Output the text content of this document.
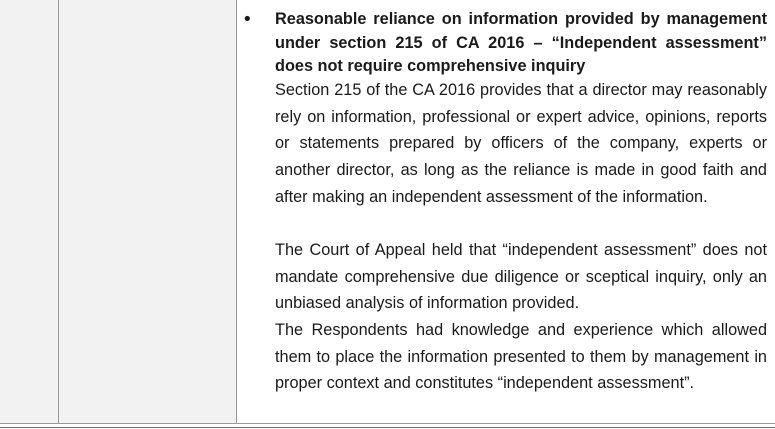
• Reasonable reliance on information provided by management under section 215 of CA 2016 – “Independent assessment” does not require comprehensive inquiry
Section 215 of the CA 2016 provides that a director may reasonably rely on information, professional or expert advice, opinions, reports or statements prepared by officers of the company, experts or another director, as long as the reliance is made in good faith and after making an independent assessment of the information.
The Court of Appeal held that “independent assessment” does not mandate comprehensive due diligence or sceptical inquiry, only an unbiased analysis of information provided.
The Respondents had knowledge and experience which allowed them to place the information presented to them by management in proper context and constitutes “independent assessment”.
